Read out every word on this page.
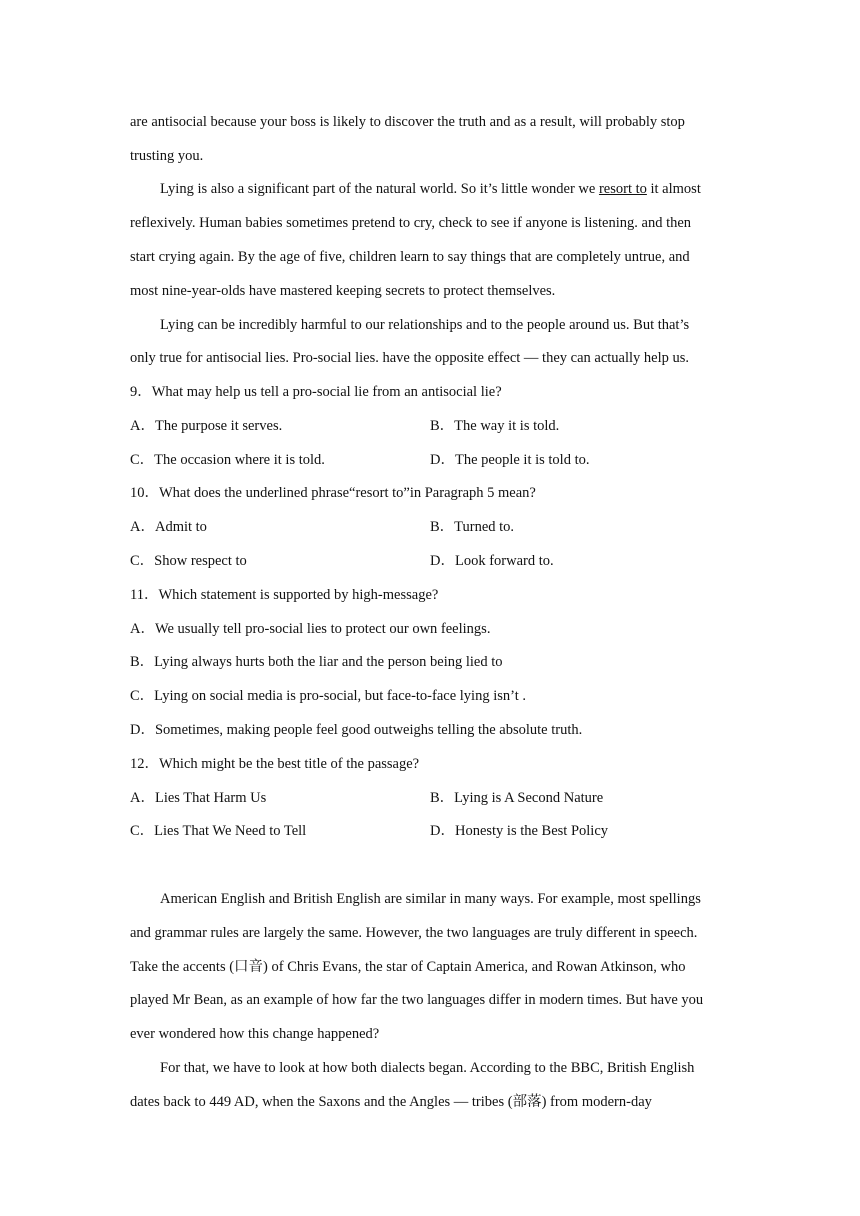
are antisocial because your boss is likely to discover the truth and as a result, will probably stop
trusting you.
Lying is also a significant part of the natural world. So it’s little wonder we resort to it almost
reflexively. Human babies sometimes pretend to cry, check to see if anyone is listening. and then
start crying again. By the age of five, children learn to say things that are completely untrue, and
most nine-year-olds have mastered keeping secrets to protect themselves.
Lying can be incredibly harmful to our relationships and to the people around us. But that’s
only true for antisocial lies. Pro-social lies. have the opposite effect — they can actually help us.
9．What may help us tell a pro-social lie from an antisocial lie?
A．The purpose it serves.	B．The way it is told.
C．The occasion where it is told.	D．The people it is told to.
10．What does the underlined phrase“resort to”in Paragraph 5 mean?
A．Admit to	B．Turned to.
C．Show respect to	D．Look forward to.
11．Which statement is supported by high-message?
A．We usually tell pro-social lies to protect our own feelings.
B．Lying always hurts both the liar and the person being lied to
C．Lying on social media is pro-social, but face-to-face lying isn’t .
D．Sometimes, making people feel good outweighs telling the absolute truth.
12．Which might be the best title of the passage?
A．Lies That Harm Us	B．Lying is A Second Nature
C．Lies That We Need to Tell	D．Honesty is the Best Policy
American English and British English are similar in many ways. For example, most spellings
and grammar rules are largely the same. However, the two languages are truly different in speech.
Take the accents (口音) of Chris Evans, the star of Captain America, and Rowan Atkinson, who
played Mr Bean, as an example of how far the two languages differ in modern times. But have you
ever wondered how this change happened?
For that, we have to look at how both dialects began. According to the BBC, British English
dates back to 449 AD, when the Saxons and the Angles — tribes (部落) from modern-day
